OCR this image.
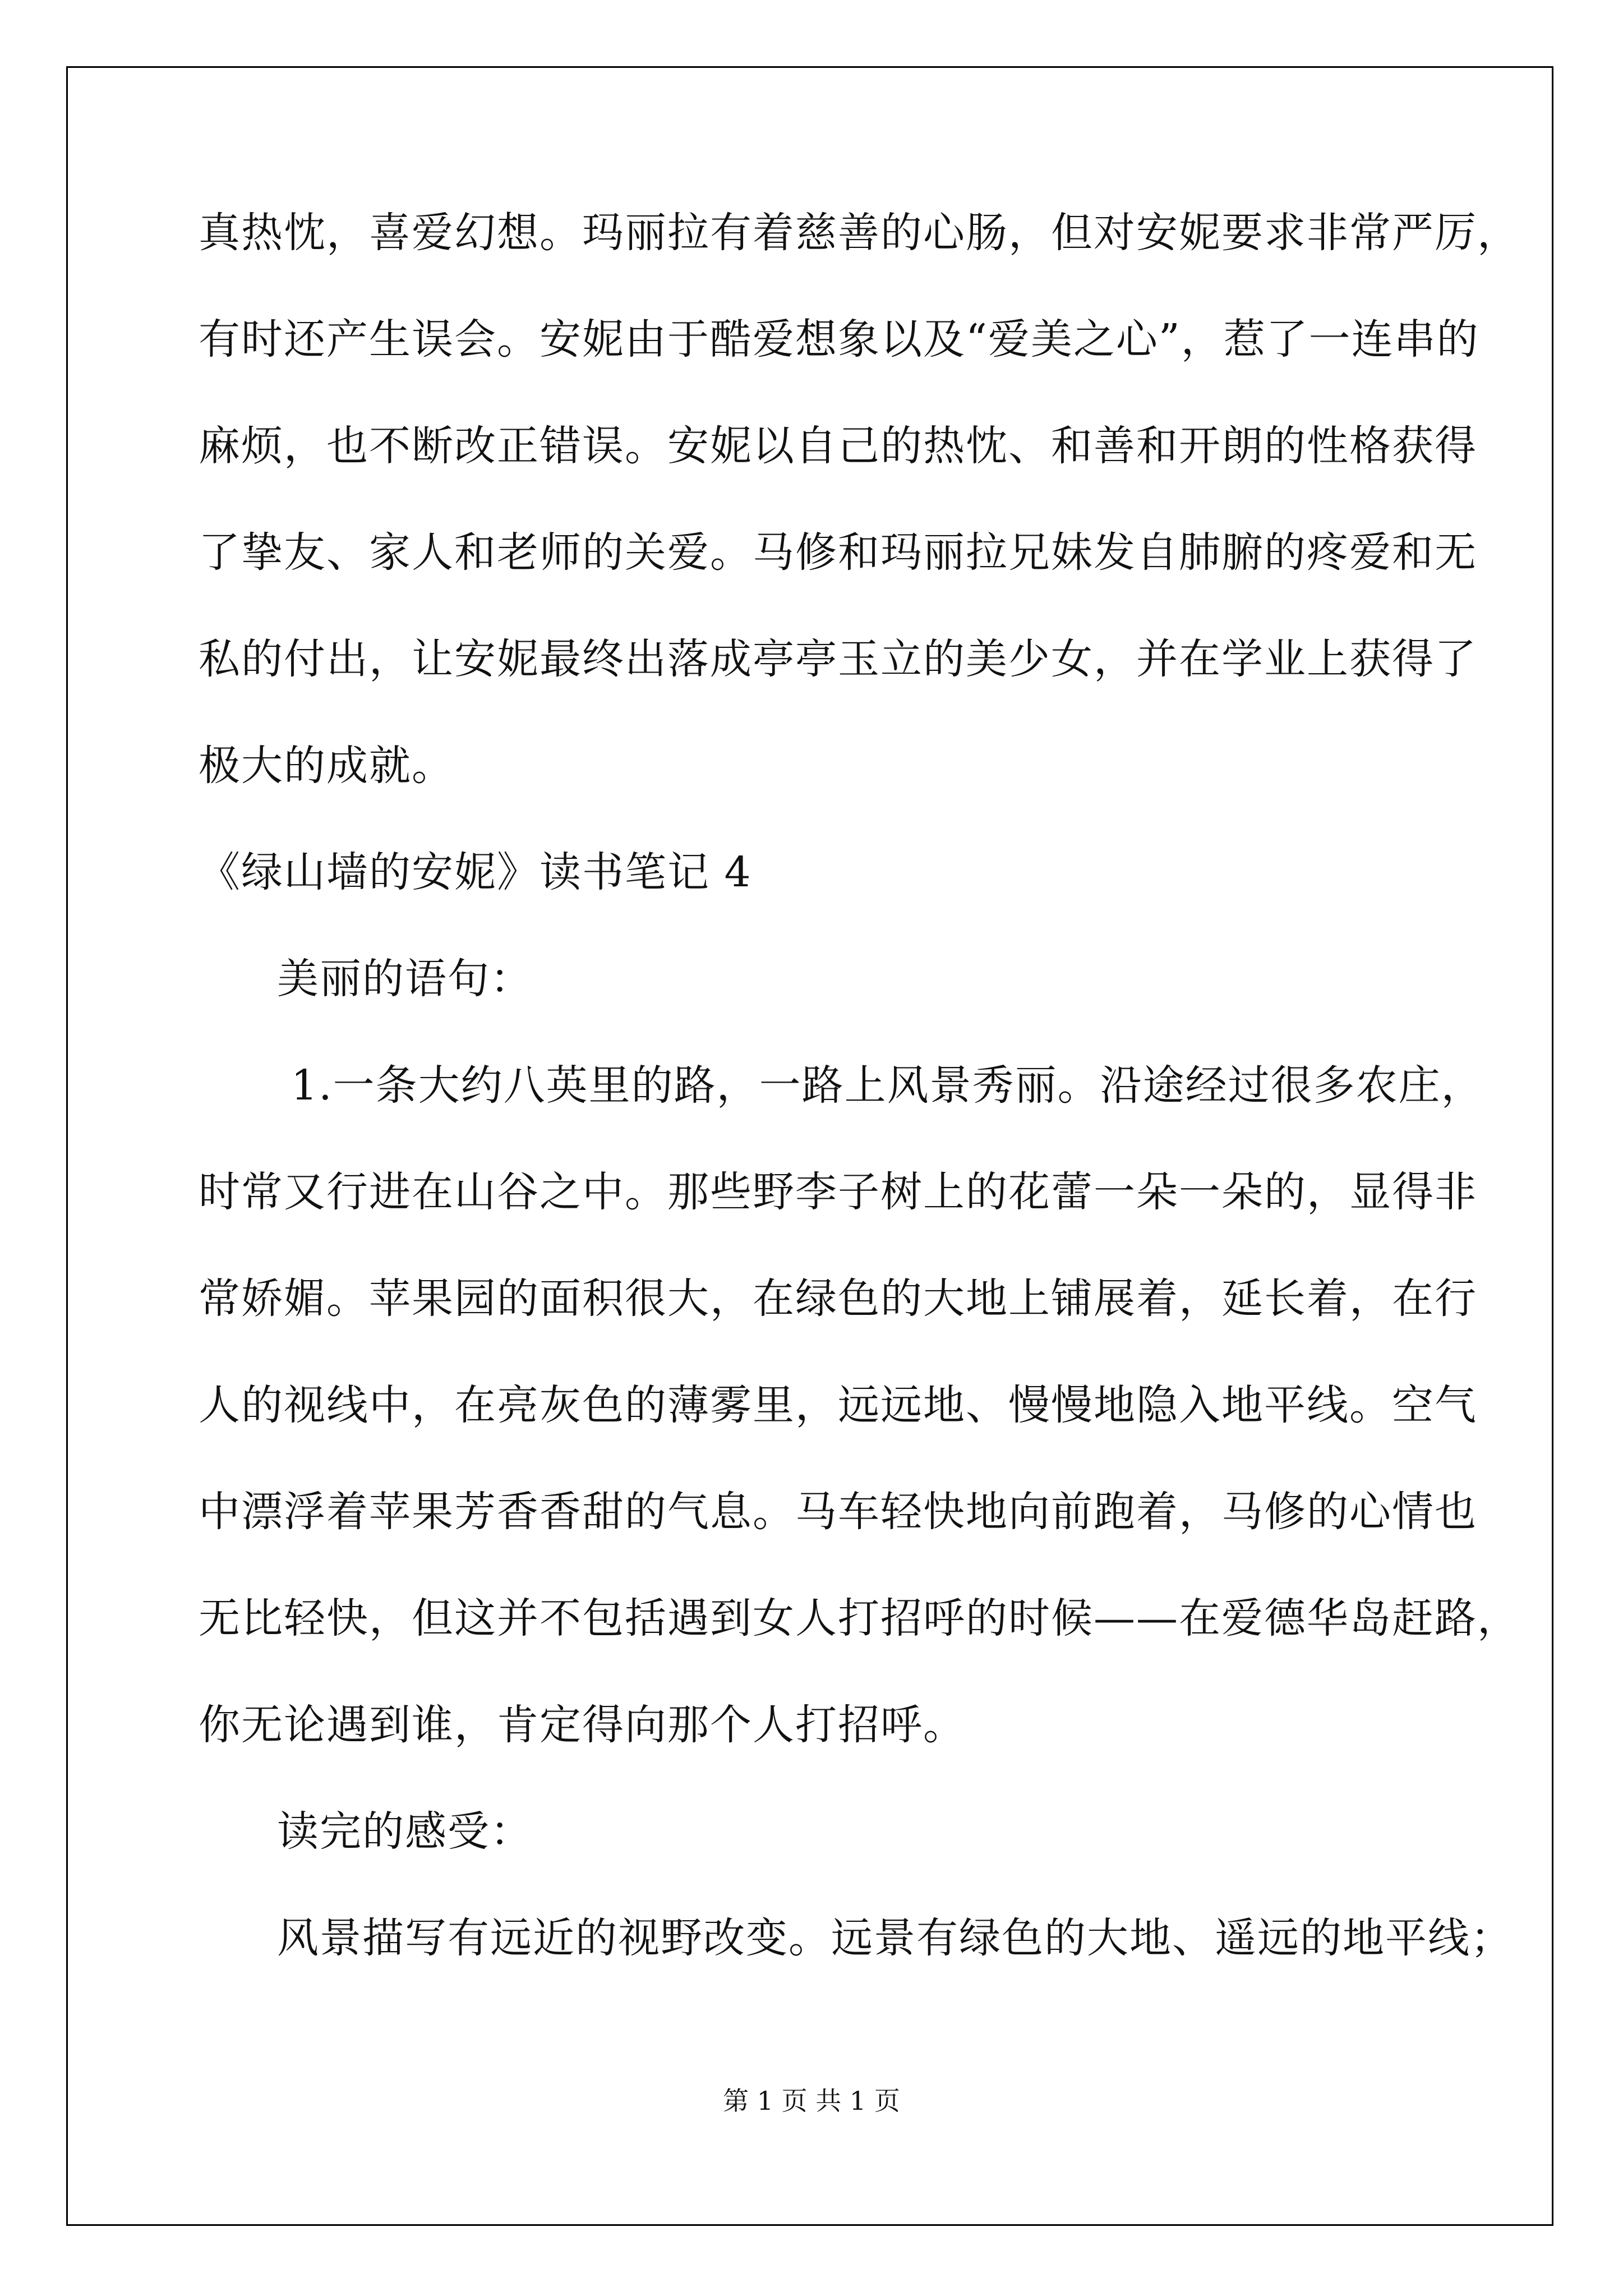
真热忱，喜爱幻想。玛丽拉有着慈善的心肠，但对安妮要求非常严厉，
有时还产生误会。安妮由于酷爱想象以及“爱美之心”，惹了一连串的
麻烦，也不断改正错误。安妮以自己的热忱、和善和开朗的性格获得
了挚友、家人和老师的关爱。马修和玛丽拉兄妹发自肺腑的疼爱和无
私的付出，让安妮最终出落成亭亭玉立的美少女，并在学业上获得了
极大的成就。
《绿山墙的安妮》读书笔记 4
美丽的语句：
1.一条大约八英里的路，一路上风景秀丽。沿途经过很多农庄，
时常又行进在山谷之中。那些野李子树上的花蕾一朵一朵的，显得非
常娇媚。苹果园的面积很大，在绿色的大地上铺展着，延长着，在行
人的视线中，在亮灰色的薄雾里，远远地、慢慢地隐入地平线。空气
中漂浮着苹果芳香香甜的气息。马车轻快地向前跑着，马修的心情也
无比轻快，但这并不包括遇到女人打招呼的时候——在爱德华岛赶路，
你无论遇到谁，肯定得向那个人打招呼。
读完的感受：
风景描写有远近的视野改变。远景有绿色的大地、遥远的地平线；
第 1 页 共 1 页
